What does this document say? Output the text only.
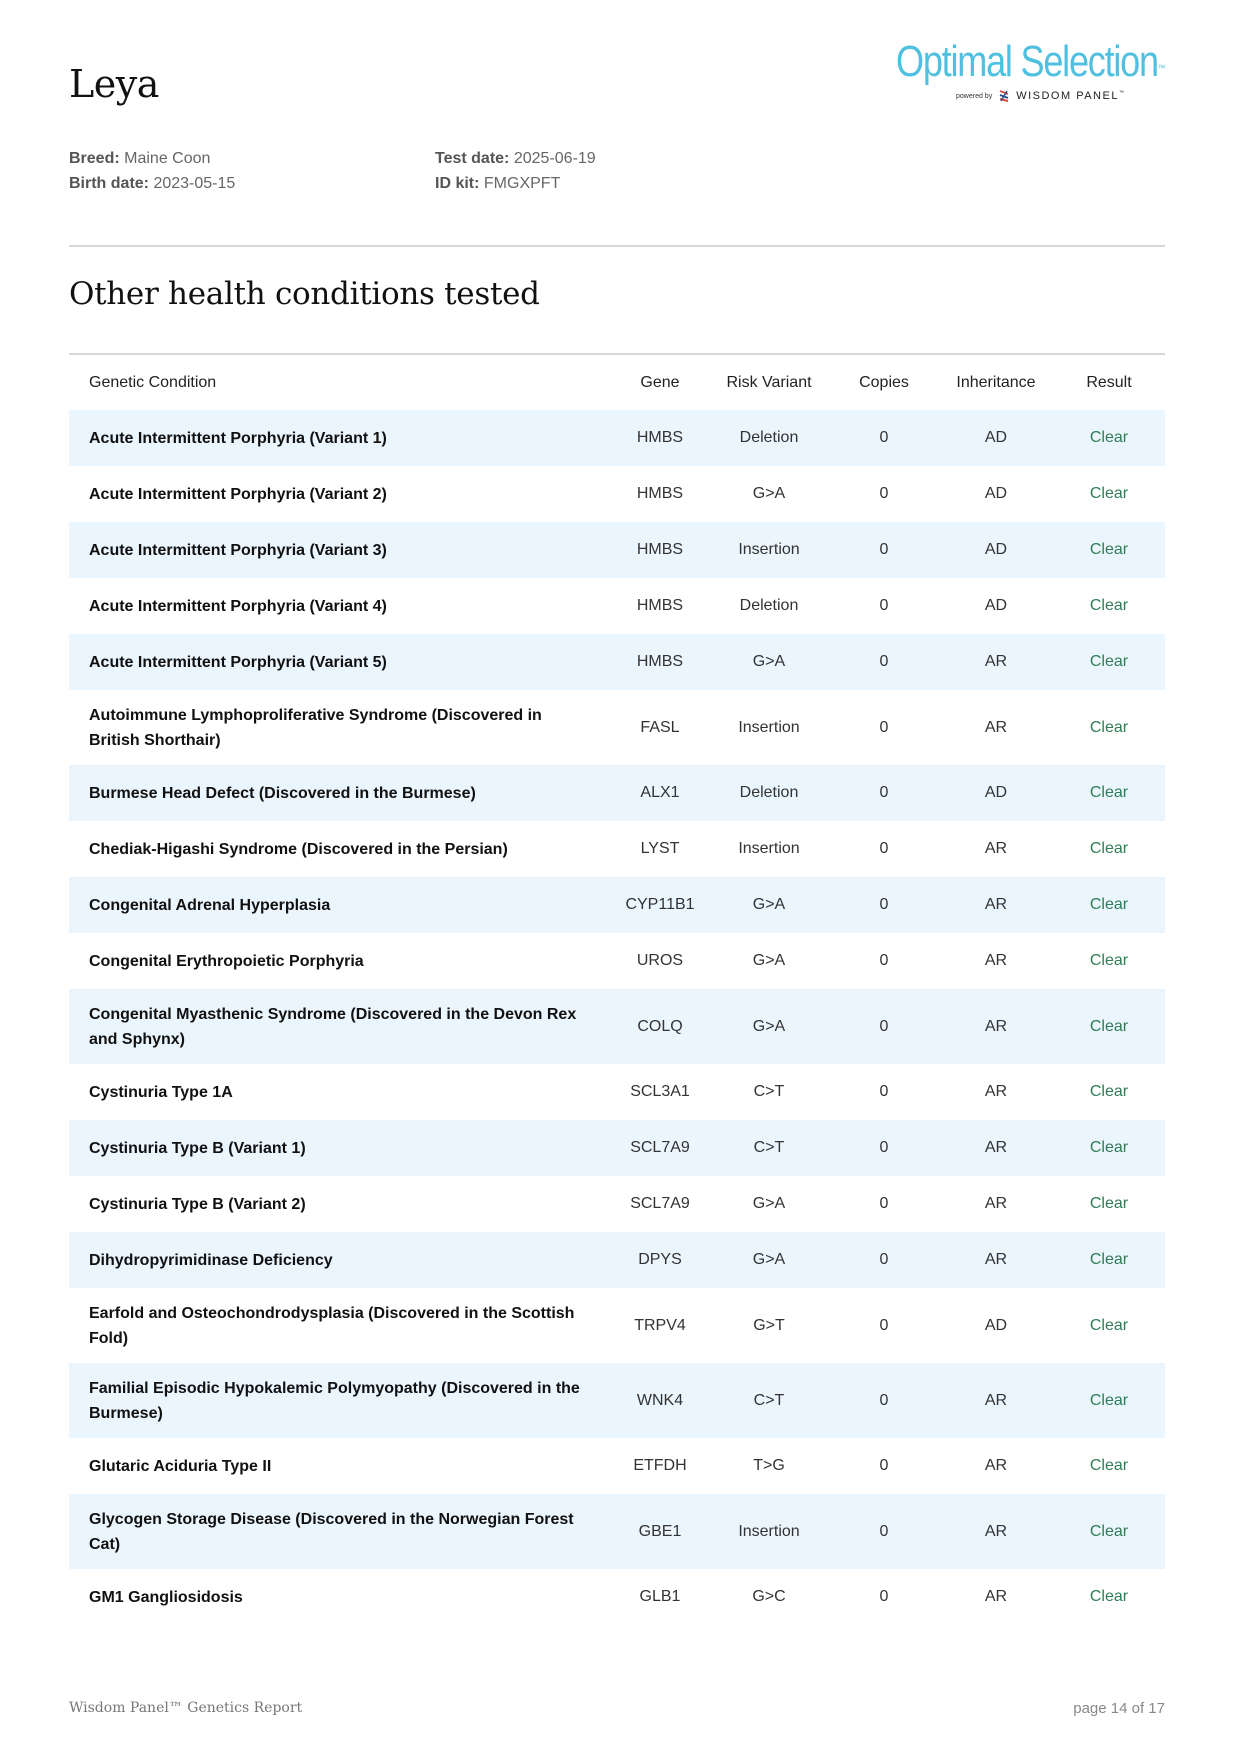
Leya	Optimal Selection™
powered by WISDOM PANEL™
Breed: Maine Coon
Birth date: 2023-05-15
Test date: 2025-06-19
ID kit: FMGXPFT
Other health conditions tested
Genetic Condition	Gene	Risk Variant	Copies	Inheritance	Result
Acute Intermittent Porphyria (Variant 1)	HMBS	Deletion	0	AD	Clear
Acute Intermittent Porphyria (Variant 2)	HMBS	G>A	0	AD	Clear
Acute Intermittent Porphyria (Variant 3)	HMBS	Insertion	0	AD	Clear
Acute Intermittent Porphyria (Variant 4)	HMBS	Deletion	0	AD	Clear
Acute Intermittent Porphyria (Variant 5)	HMBS	G>A	0	AR	Clear
Autoimmune Lymphoproliferative Syndrome (Discovered in British Shorthair)	FASL	Insertion	0	AR	Clear
Burmese Head Defect (Discovered in the Burmese)	ALX1	Deletion	0	AD	Clear
Chediak-Higashi Syndrome (Discovered in the Persian)	LYST	Insertion	0	AR	Clear
Congenital Adrenal Hyperplasia	CYP11B1	G>A	0	AR	Clear
Congenital Erythropoietic Porphyria	UROS	G>A	0	AR	Clear
Congenital Myasthenic Syndrome (Discovered in the Devon Rex and Sphynx)	COLQ	G>A	0	AR	Clear
Cystinuria Type 1A	SCL3A1	C>T	0	AR	Clear
Cystinuria Type B (Variant 1)	SCL7A9	C>T	0	AR	Clear
Cystinuria Type B (Variant 2)	SCL7A9	G>A	0	AR	Clear
Dihydropyrimidinase Deficiency	DPYS	G>A	0	AR	Clear
Earfold and Osteochondrodysplasia (Discovered in the Scottish Fold)	TRPV4	G>T	0	AD	Clear
Familial Episodic Hypokalemic Polymyopathy (Discovered in the Burmese)	WNK4	C>T	0	AR	Clear
Glutaric Aciduria Type II	ETFDH	T>G	0	AR	Clear
Glycogen Storage Disease (Discovered in the Norwegian Forest Cat)	GBE1	Insertion	0	AR	Clear
GM1 Gangliosidosis	GLB1	G>C	0	AR	Clear
Wisdom Panel™ Genetics Report	page 14 of 17
